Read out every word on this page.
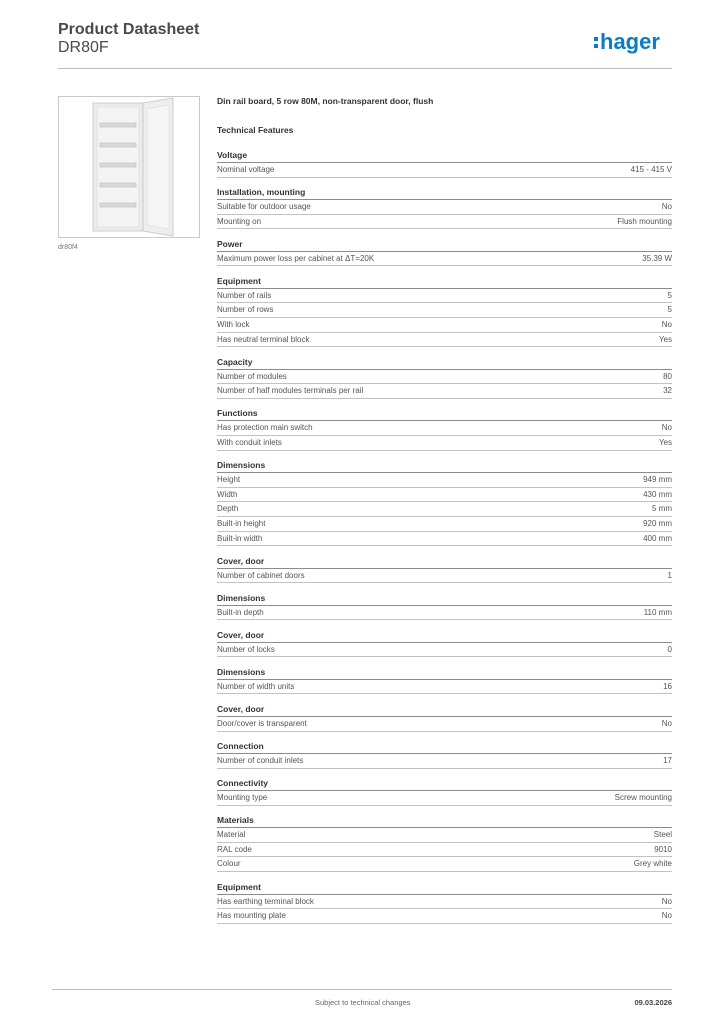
Product Datasheet
DR80F	hager
dr80f4
Din rail board, 5 row 80M, non-transparent door, flush
Technical Features
Voltage
Nominal voltage	415 - 415 V
Installation, mounting
Suitable for outdoor usage	No
Mounting on	Flush mounting
Power
Maximum power loss per cabinet at ΔT=20K	35.39 W
Equipment
Number of rails	5
Number of rows	5
With lock	No
Has neutral terminal block	Yes
Capacity
Number of modules	80
Number of half modules terminals per rail	32
Functions
Has protection main switch	No
With conduit inlets	Yes
Dimensions
Height	949 mm
Width	430 mm
Depth	5 mm
Built-in height	920 mm
Built-in width	400 mm
Cover, door
Number of cabinet doors	1
Dimensions
Built-in depth	110 mm
Cover, door
Number of locks	0
Dimensions
Number of width units	16
Cover, door
Door/cover is transparent	No
Connection
Number of conduit inlets	17
Connectivity
Mounting type	Screw mounting
Materials
Material	Steel
RAL code	9010
Colour	Grey white
Equipment
Has earthing terminal block	No
Has mounting plate	No
Subject to technical changes	09.03.2026
